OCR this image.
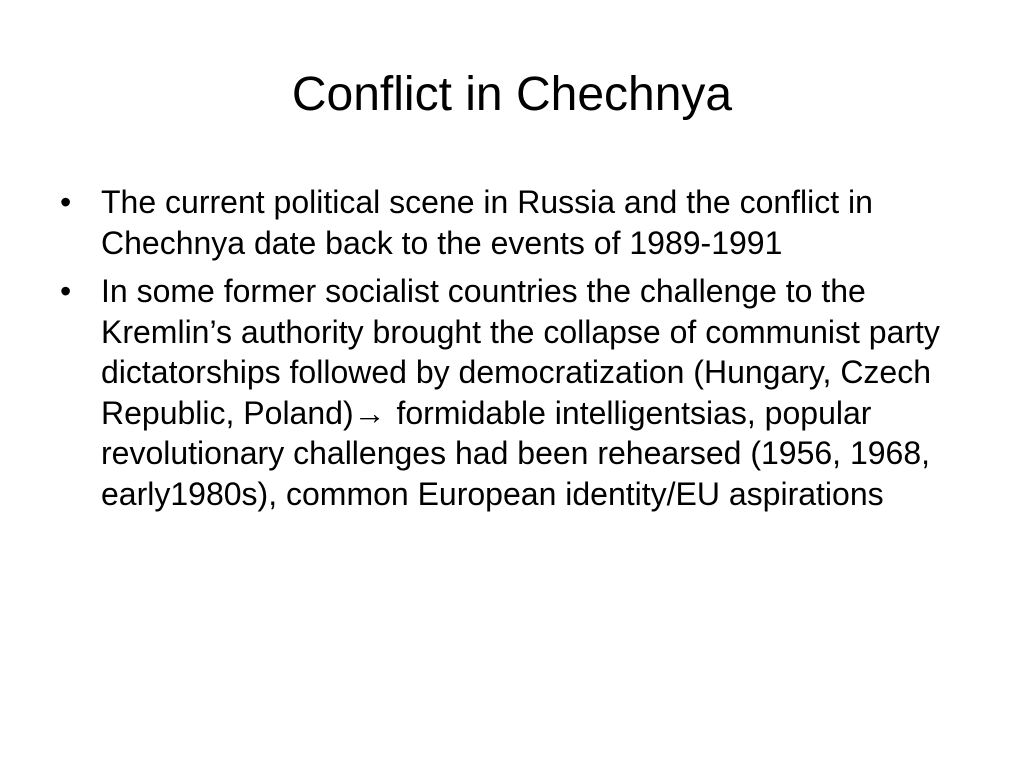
Conflict in Chechnya
• The current political scene in Russia and the conflict in Chechnya date back to the events of 1989-1991
• In some former socialist countries the challenge to the Kremlin’s authority brought the collapse of communist party dictatorships followed by democratization (Hungary, Czech Republic, Poland)→ formidable intelligentsias, popular revolutionary challenges had been rehearsed (1956, 1968, early1980s), common European identity/EU aspirations
